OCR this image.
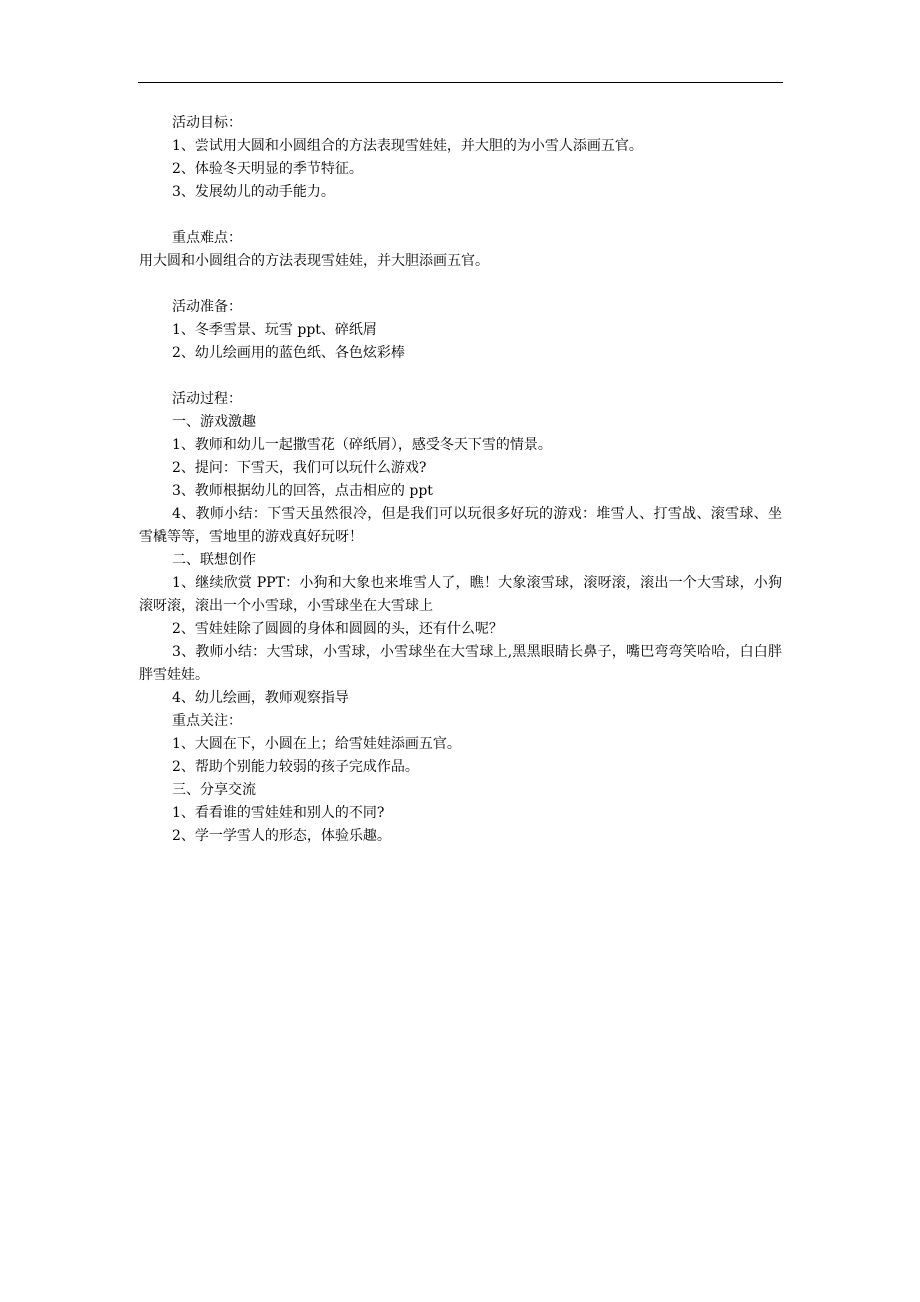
活动目标：

1、尝试用大圆和小圆组合的方法表现雪娃娃，并大胆的为小雪人添画五官。

2、体验冬天明显的季节特征。

3、发展幼儿的动手能力。

重点难点：

用大圆和小圆组合的方法表现雪娃娃，并大胆添画五官。

活动准备：

1、冬季雪景、玩雪 ppt、碎纸屑

2、幼儿绘画用的蓝色纸、各色炫彩棒

活动过程：

一、游戏激趣

1、教师和幼儿一起撒雪花（碎纸屑），感受冬天下雪的情景。

2、提问：下雪天，我们可以玩什么游戏?

3、教师根据幼儿的回答，点击相应的 ppt

4、教师小结：下雪天虽然很冷，但是我们可以玩很多好玩的游戏：堆雪人、打雪战、滚雪球、坐雪橇等等，雪地里的游戏真好玩呀！

二、联想创作

1、继续欣赏 PPT：小狗和大象也来堆雪人了，瞧！大象滚雪球，滚呀滚，滚出一个大雪球，小狗滚呀滚，滚出一个小雪球，小雪球坐在大雪球上

2、雪娃娃除了圆圆的身体和圆圆的头，还有什么呢？

3、教师小结：大雪球，小雪球，小雪球坐在大雪球上,黑黑眼睛长鼻子，嘴巴弯弯笑哈哈，白白胖胖雪娃娃。

4、幼儿绘画，教师观察指导

重点关注：

1、大圆在下，小圆在上；给雪娃娃添画五官。

2、帮助个别能力较弱的孩子完成作品。

三、分享交流

1、看看谁的雪娃娃和别人的不同?

2、学一学雪人的形态，体验乐趣。
